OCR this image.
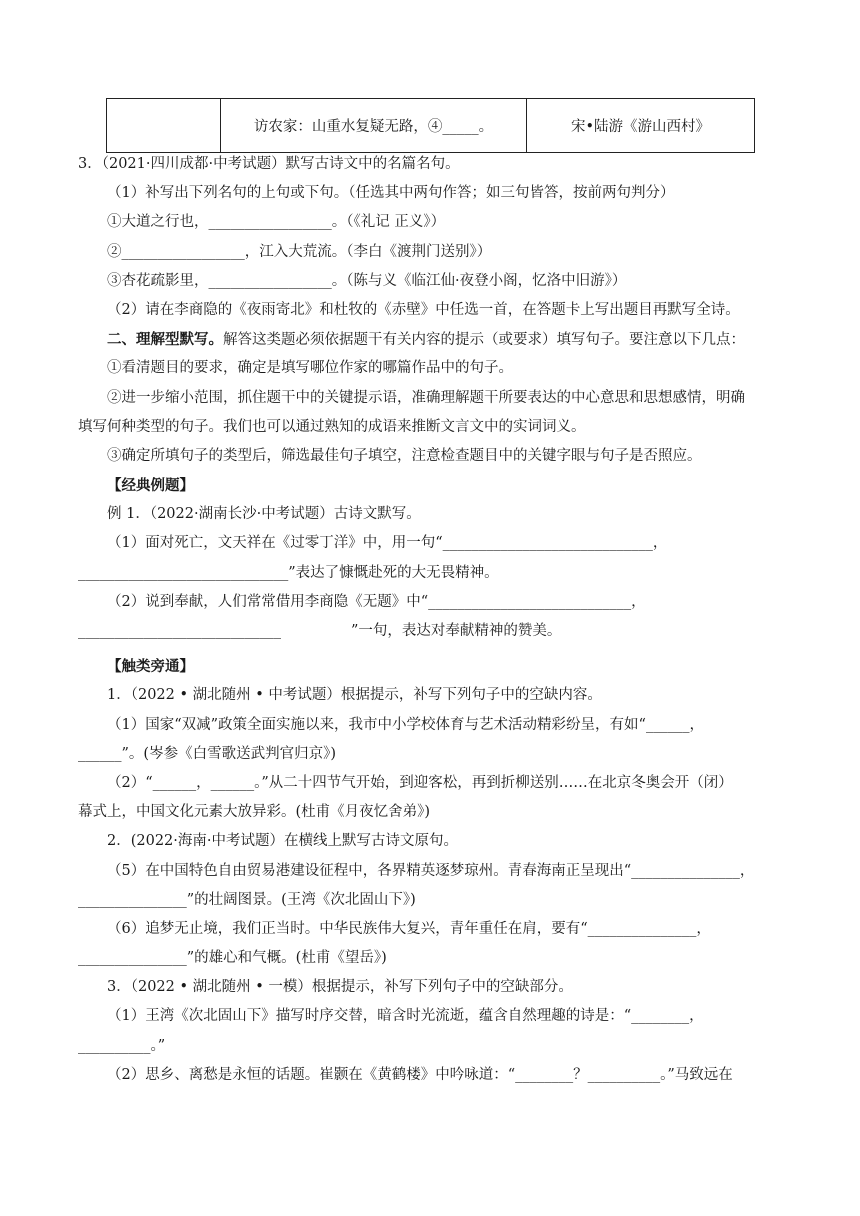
	访农家：山重水复疑无路，④_____。	宋•陆游《游山西村》
3．（2021·四川成都·中考试题）默写古诗文中的名篇名句。
（1）补写出下列名句的上句或下句。（任选其中两句作答；如三句皆答，按前两句判分）
①大道之行也，_________________。（《礼记 正义》）
②_________________，江入大荒流。（李白《渡荆门送别》）
③杏花疏影里，_________________。（陈与义《临江仙·夜登小阁，忆洛中旧游》）
（2）请在李商隐的《夜雨寄北》和杜牧的《赤壁》中任选一首，在答题卡上写出题目再默写全诗。
二、理解型默写。解答这类题必须依据题干有关内容的提示（或要求）填写句子。要注意以下几点：
①看清题目的要求，确定是填写哪位作家的哪篇作品中的句子。
②进一步缩小范围，抓住题干中的关键提示语，准确理解题干所要表达的中心意思和思想感情，明确
填写何种类型的句子。我们也可以通过熟知的成语来推断文言文中的实词词义。
③确定所填句子的类型后，筛选最佳句子填空，注意检查题目中的关键字眼与句子是否照应。
【经典例题】
例 1．（2022·湖南长沙·中考试题）古诗文默写。
（1）面对死亡，文天祥在《过零丁洋》中，用一句“_____________________________，
_____________________________”表达了慷慨赴死的大无畏精神。
（2）说到奉献，人们常常借用李商隐《无题》中“____________________________，
____________________________	”一句，表达对奉献精神的赞美。
【触类旁通】
1．（2022 • 湖北随州 • 中考试题）根据提示，补写下列句子中的空缺内容。
（1）国家“双减”政策全面实施以来，我市中小学校体育与艺术活动精彩纷呈，有如“______，
______”。(岑参《白雪歌送武判官归京》)
（2）“______，______。”从二十四节气开始，到迎客松，再到折柳送别……在北京冬奥会开（闭）
幕式上，中国文化元素大放异彩。(杜甫《月夜忆舍弟》)
2．(2022·海南·中考试题）在横线上默写古诗文原句。
（5）在中国特色自由贸易港建设征程中，各界精英逐梦琼州。青春海南正呈现出“_______________，
_______________”的壮阔图景。(王湾《次北固山下》)
（6）追梦无止境，我们正当时。中华民族伟大复兴，青年重任在肩，要有“_______________，
_______________”的雄心和气概。(杜甫《望岳》)
3．（2022 • 湖北随州 • 一模）根据提示，补写下列句子中的空缺部分。
（1）王湾《次北固山下》描写时序交替，暗含时光流逝，蕴含自然理趣的诗是：“________，
__________。”
（2）思乡、离愁是永恒的话题。崔颢在《黄鹤楼》中吟咏道：“________？__________。”马致远在
